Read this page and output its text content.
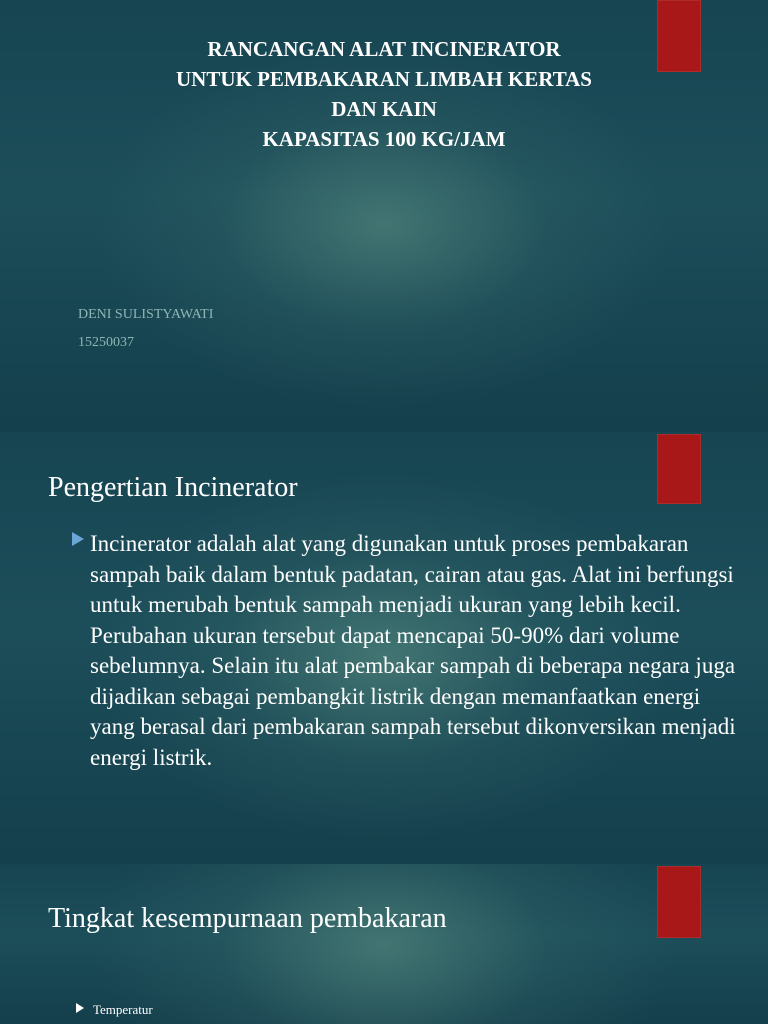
RANCANGAN ALAT INCINERATOR
UNTUK PEMBAKARAN LIMBAH KERTAS
DAN KAIN
KAPASITAS 100 KG/JAM
DENI SULISTYAWATI
15250037
Pengertian Incinerator
Incinerator adalah alat yang digunakan untuk proses pembakaran sampah baik dalam bentuk padatan, cairan atau gas. Alat ini berfungsi untuk merubah bentuk sampah menjadi ukuran yang lebih kecil. Perubahan ukuran tersebut dapat mencapai 50-90% dari volume sebelumnya. Selain itu alat pembakar sampah di beberapa negara juga dijadikan sebagai pembangkit listrik dengan memanfaatkan energi yang berasal dari pembakaran sampah tersebut dikonversikan menjadi energi listrik.
Tingkat kesempurnaan pembakaran
Temperatur
